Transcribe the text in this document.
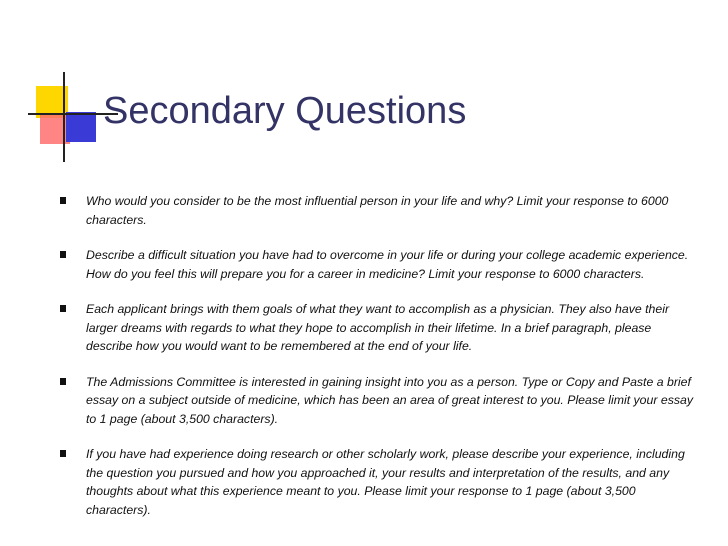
Secondary Questions
Who would you consider to be the most influential person in your life and why? Limit your response to 6000 characters.
Describe a difficult situation you have had to overcome in your life or during your college academic experience. How do you feel this will prepare you for a career in medicine? Limit your response to 6000 characters.
Each applicant brings with them goals of what they want to accomplish as a physician. They also have their larger dreams with regards to what they hope to accomplish in their lifetime. In a brief paragraph, please describe how you would want to be remembered at the end of your life.
The Admissions Committee is interested in gaining insight into you as a person. Type or Copy and Paste a brief essay on a subject outside of medicine, which has been an area of great interest to you. Please limit your essay to 1 page (about 3,500 characters).
If you have had experience doing research or other scholarly work, please describe your experience, including the question you pursued and how you approached it, your results and interpretation of the results, and any thoughts about what this experience meant to you. Please limit your response to 1 page (about 3,500 characters).
